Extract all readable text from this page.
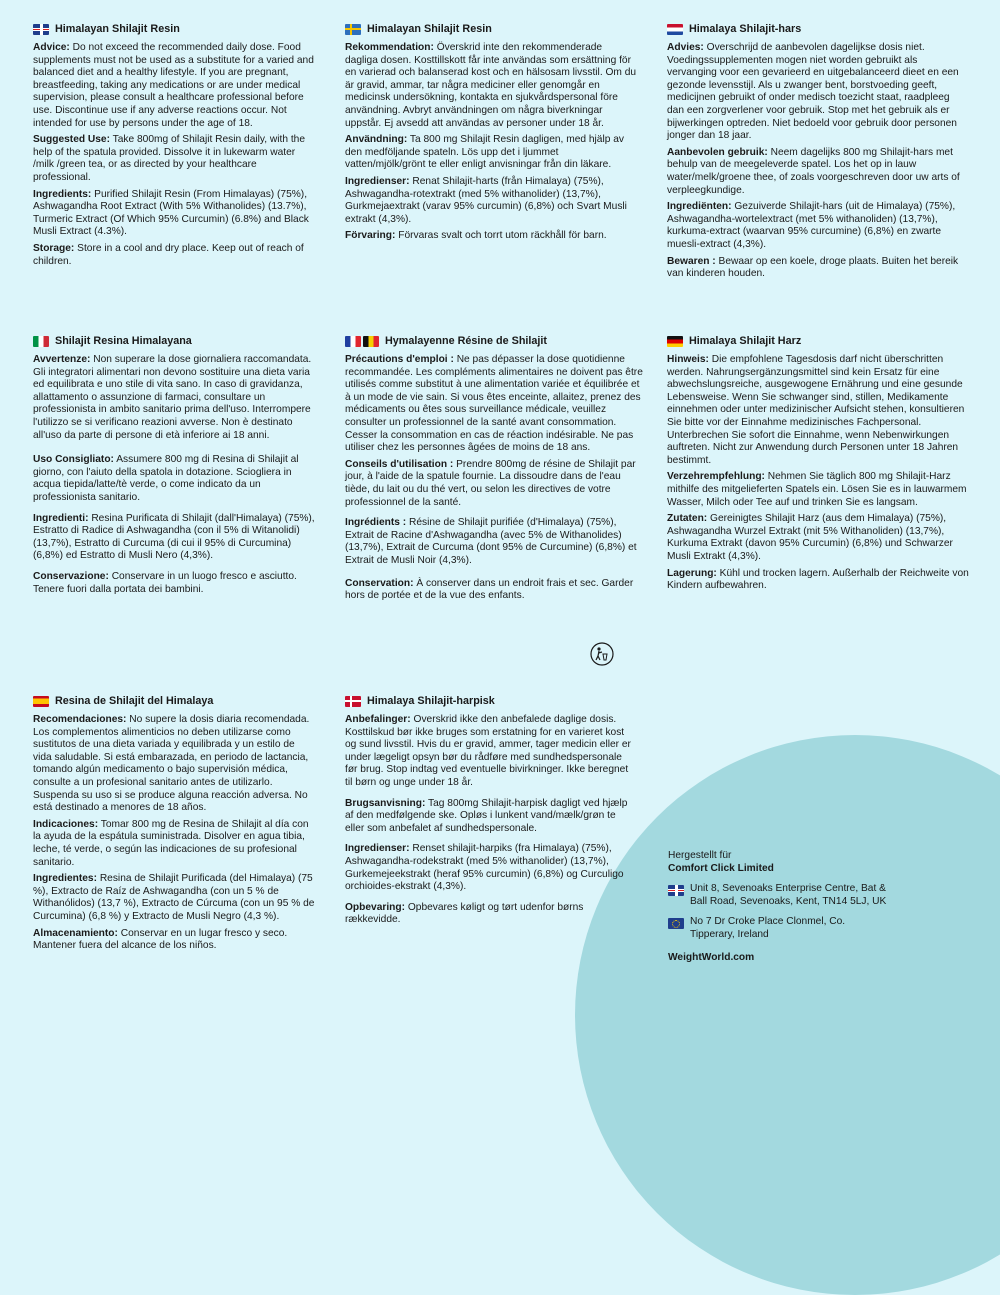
Himalayan Shilajit Resin

Advice: Do not exceed the recommended daily dose. Food supplements must not be used as a substitute for a varied and balanced diet and a healthy lifestyle. If you are pregnant, breastfeeding, taking any medications or are under medical supervision, please consult a healthcare professional before use. Discontinue use if any adverse reactions occur. Not intended for use by persons under the age of 18.

Suggested Use: Take 800mg of Shilajit Resin daily, with the help of the spatula provided. Dissolve it in lukewarm water /milk /green tea, or as directed by your healthcare professional.

Ingredients: Purified Shilajit Resin (From Himalayas) (75%), Ashwagandha Root Extract (With 5% Withanolides) (13.7%), Turmeric Extract (Of Which 95% Curcumin) (6.8%) and Black Musli Extract (4.3%).

Storage: Store in a cool and dry place. Keep out of reach of children.

Himalayan Shilajit Resin

Rekommendation: Överskrid inte den rekommenderade dagliga dosen. Kosttillskott får inte användas som ersättning för en varierad och balanserad kost och en hälsosam livsstil. Om du är gravid, ammar, tar några mediciner eller genomgår en medicinsk undersökning, kontakta en sjukvårdspersonal före användning. Avbryt användningen om några biverkningar uppstår. Ej avsedd att användas av personer under 18 år.

Användning: Ta 800 mg Shilajit Resin dagligen, med hjälp av den medföljande spateln. Lös upp det i ljummet vatten/mjölk/grönt te eller enligt anvisningar från din läkare.

Ingredienser: Renat Shilajit-harts (från Himalaya) (75%), Ashwagandha-rotextrakt (med 5% withanolider) (13,7%), Gurkmejaextrakt (varav 95% curcumin) (6,8%) och Svart Musli extrakt (4,3%).

Förvaring: Förvaras svalt och torrt utom räckhåll för barn.

Himalaya Shilajit-hars

Advies: Overschrijd de aanbevolen dagelijkse dosis niet. Voedingssupplementen mogen niet worden gebruikt als vervanging voor een gevarieerd en uitgebalanceerd dieet en een gezonde levensstijl. Als u zwanger bent, borstvoeding geeft, medicijnen gebruikt of onder medisch toezicht staat, raadpleeg dan een zorgverlener voor gebruik. Stop met het gebruik als er bijwerkingen optreden. Niet bedoeld voor gebruik door personen jonger dan 18 jaar.

Aanbevolen gebruik: Neem dagelijks 800 mg Shilajit-hars met behulp van de meegeleverde spatel. Los het op in lauw water/melk/groene thee, of zoals voorgeschreven door uw arts of verpleegkundige.

Ingrediënten: Gezuiverde Shilajit-hars (uit de Himalaya) (75%), Ashwagandha-wortelextract (met 5% withanoliden) (13,7%), kurkuma-extract (waarvan 95% curcumine) (6,8%) en zwarte muesli-extract (4,3%).

Bewaren : Bewaar op een koele, droge plaats. Buiten het bereik van kinderen houden.

Shilajit Resina Himalayana

Avvertenze: Non superare la dose giornaliera raccomandata. Gli integratori alimentari non devono sostituire una dieta varia ed equilibrata e uno stile di vita sano. In caso di gravidanza, allattamento o assunzione di farmaci, consultare un professionista in ambito sanitario prima dell'uso. Interrompere l'utilizzo se si verificano reazioni avverse. Non è destinato all'uso da parte di persone di età inferiore ai 18 anni.

Uso Consigliato: Assumere 800 mg di Resina di Shilajit al giorno, con l'aiuto della spatola in dotazione. Sciogliera in acqua tiepida/latte/tè verde, o come indicato da un professionista sanitario.

Ingredienti: Resina Purificata di Shilajit (dall'Himalaya) (75%), Estratto di Radice di Ashwagandha (con il 5% di Witanolidi) (13,7%), Estratto di Curcuma (di cui il 95% di Curcumina) (6,8%) ed Estratto di Musli Nero (4,3%).

Conservazione: Conservare in un luogo fresco e asciutto. Tenere fuori dalla portata dei bambini.

Hymalayenne Résine de Shilajit

Précautions d'emploi : Ne pas dépasser la dose quotidienne recommandée. Les compléments alimentaires ne doivent pas être utilisés comme substitut à une alimentation variée et équilibrée et à un mode de vie sain. Si vous êtes enceinte, allaitez, prenez des médicaments ou êtes sous surveillance médicale, veuillez consulter un professionnel de la santé avant consommation. Cesser la consommation en cas de réaction indésirable. Ne pas utiliser chez les personnes âgées de moins de 18 ans.

Conseils d'utilisation : Prendre 800mg de résine de Shilajit par jour, à l'aide de la spatule fournie. La dissoudre dans de l'eau tiède, du lait ou du thé vert, ou selon les directives de votre professionnel de la santé.

Ingrédients : Résine de Shilajit purifiée (d'Himalaya) (75%), Extrait de Racine d'Ashwagandha (avec 5% de Withanolides) (13,7%), Extrait de Curcuma (dont 95% de Curcumine) (6,8%) et Extrait de Musli Noir (4,3%).

Conservation: À conserver dans un endroit frais et sec. Garder hors de portée et de la vue des enfants.

Himalaya Shilajit Harz

Hinweis: Die empfohlene Tagesdosis darf nicht überschritten werden. Nahrungsergänzungsmittel sind kein Ersatz für eine abwechslungsreiche, ausgewogene Ernährung und eine gesunde Lebensweise. Wenn Sie schwanger sind, stillen, Medikamente einnehmen oder unter medizinischer Aufsicht stehen, konsultieren Sie bitte vor der Einnahme medizinisches Fachpersonal. Unterbrechen Sie sofort die Einnahme, wenn Nebenwirkungen auftreten. Nicht zur Anwendung durch Personen unter 18 Jahren bestimmt.

Verzehrempfehlung: Nehmen Sie täglich 800 mg Shilajit-Harz mithilfe des mitgelieferten Spatels ein. Lösen Sie es in lauwarmem Wasser, Milch oder Tee auf und trinken Sie es langsam.

Zutaten: Gereinigtes Shilajit Harz (aus dem Himalaya) (75%), Ashwagandha Wurzel Extrakt (mit 5% Withanoliden) (13,7%), Kurkuma Extrakt (davon 95% Curcumin) (6,8%) und Schwarzer Musli Extrakt (4,3%).

Lagerung: Kühl und trocken lagern. Außerhalb der Reichweite von Kindern aufbewahren.

Resina de Shilajit del Himalaya

Recomendaciones: No supere la dosis diaria recomendada. Los complementos alimenticios no deben utilizarse como sustitutos de una dieta variada y equilibrada y un estilo de vida saludable. Si está embarazada, en periodo de lactancia, tomando algún medicamento o bajo supervisión médica, consulte a un profesional sanitario antes de utilizarlo. Suspenda su uso si se produce alguna reacción adversa. No está destinado a menores de 18 años.

Indicaciones: Tomar 800 mg de Resina de Shilajit al día con la ayuda de la espátula suministrada. Disolver en agua tibia, leche, té verde, o según las indicaciones de su profesional sanitario.

Ingredientes: Resina de Shilajit Purificada (del Himalaya) (75 %), Extracto de Raíz de Ashwagandha (con un 5 % de Withanólidos) (13,7 %), Extracto de Cúrcuma (con un 95 % de Curcumina) (6,8 %) y Extracto de Musli Negro (4,3 %).

Almacenamiento: Conservar en un lugar fresco y seco. Mantener fuera del alcance de los niños.

Himalaya Shilajit-harpisk

Anbefalinger: Overskrid ikke den anbefalede daglige dosis. Kosttilskud bør ikke bruges som erstatning for en varieret kost og sund livsstil. Hvis du er gravid, ammer, tager medicin eller er under lægeligt opsyn bør du rådføre med sundhedspersonale før brug. Stop indtag ved eventuelle bivirkninger. Ikke beregnet til børn og unge under 18 år.

Brugsanvisning: Tag 800mg Shilajit-harpisk dagligt ved hjælp af den medfølgende ske. Opløs i lunkent vand/mælk/grøn te eller som anbefalet af sundhedspersonale.

Ingredienser: Renset shilajit-harpiks (fra Himalaya) (75%), Ashwagandha-rodekstrakt (med 5% withanolider) (13,7%), Gurkemejeekstrakt (heraf 95% curcumin) (6,8%) og Curculigo orchioides-ekstrakt (4,3%).

Opbevaring: Opbevares køligt og tørt udenfor børns rækkevidde.

Hergestellt für
Comfort Click Limited
Unit 8, Sevenoaks Enterprise Centre, Bat & Ball Road, Sevenoaks, Kent, TN14 5LJ, UK
No 7 Dr Croke Place Clonmel, Co. Tipperary, Ireland
WeightWorld.com
